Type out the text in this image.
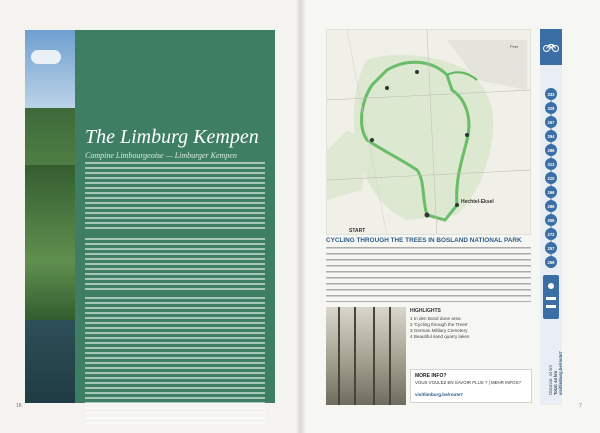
The Limburg Kempen
Campine Limbourgeoise — Limburger Kempen
18
START
Hechtel-Eksel
Peer
CYCLING THROUGH THE TREES IN BOSLAND NATIONAL PARK
HIGHLIGHTS
1 In den Bond dune area
2 'Cycling through the Trees'
3 German Military Cemetery
4 Beautiful sand quarry lakes
MORE INFO?
VOUS VOULEZ EN SAVOIR PLUS ? | MEHR INFOS?
visitlimburg.be/route7
7
333
329
267
394
286
313
220
266
286
255
272
257
259
Distance: 44 km Total: 44 km visitlimburg.be/route7
